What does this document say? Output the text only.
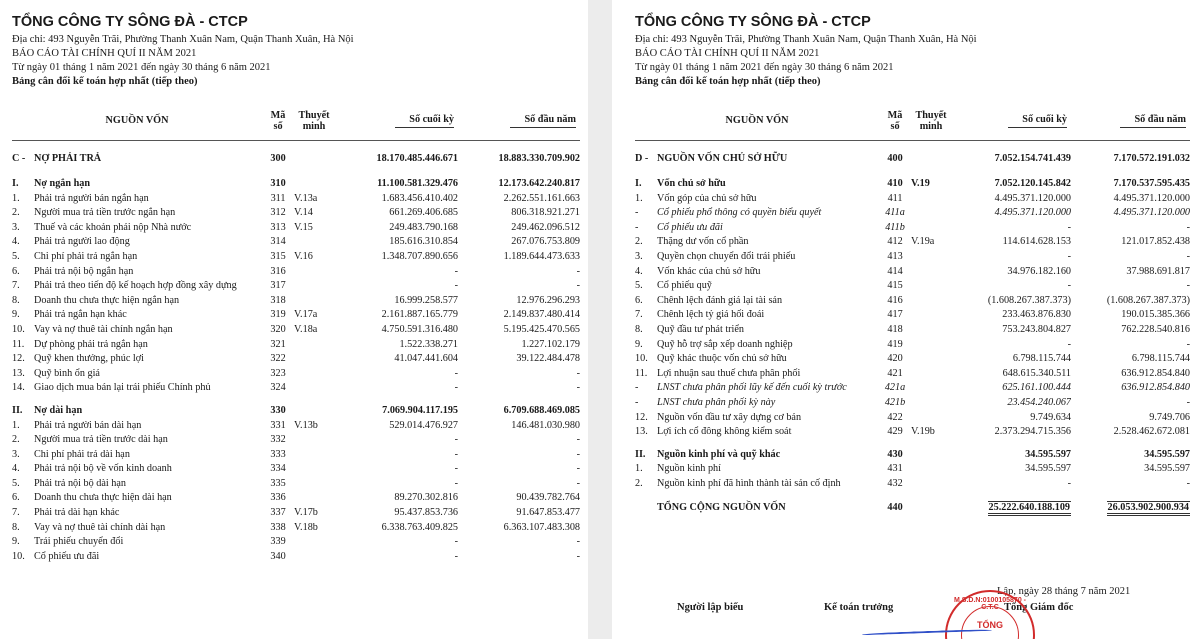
TỔNG CÔNG TY SÔNG ĐÀ - CTCP
Địa chỉ: 493 Nguyễn Trãi, Phường Thanh Xuân Nam, Quận Thanh Xuân, Hà Nội
BÁO CÁO TÀI CHÍNH QUÍ II NĂM 2021
Từ ngày 01 tháng 1 năm 2021 đến ngày 30 tháng 6 năm 2021
Bảng cân đối kế toán hợp nhất (tiếp theo)
NGUỒN VỐN		Mã
số	Thuyết
minh	Số cuối kỳ	Số đầu năm

C -	NỢ PHẢI TRẢ	300		18.170.485.446.671	18.883.330.709.902

I.	Nợ ngắn hạn	310		11.100.581.329.476	12.173.642.240.817
1.	Phải trả người bán ngắn hạn	311	V.13a	1.683.456.410.402	2.262.551.161.663
2.	Người mua trả tiền trước ngắn hạn	312	V.14	661.269.406.685	806.318.921.271
3.	Thuế và các khoản phải nộp Nhà nước	313	V.15	249.483.790.168	249.462.096.512
4.	Phải trả người lao động	314		185.616.310.854	267.076.753.809
5.	Chi phí phải trả ngắn hạn	315	V.16	1.348.707.890.656	1.189.644.473.633
6.	Phải trả nội bộ ngắn hạn	316		-	-
7.	Phải trả theo tiến độ kế hoạch hợp đồng xây dựng	317		-	-
8.	Doanh thu chưa thực hiện ngắn hạn	318		16.999.258.577	12.976.296.293
9.	Phải trả ngắn hạn khác	319	V.17a	2.161.887.165.779	2.149.837.480.414
10.	Vay và nợ thuê tài chính ngắn hạn	320	V.18a	4.750.591.316.480	5.195.425.470.565
11.	Dự phòng phải trả ngắn hạn	321		1.522.338.271	1.227.102.179
12.	Quỹ khen thưởng, phúc lợi	322		41.047.441.604	39.122.484.478
13.	Quỹ bình ổn giá	323		-	-
14.	Giao dịch mua bán lại trái phiếu Chính phủ	324		-	-

II.	Nợ dài hạn	330		7.069.904.117.195	6.709.688.469.085
1.	Phải trả người bán dài hạn	331	V.13b	529.014.476.927	146.481.030.980
2.	Người mua trả tiền trước dài hạn	332		-	-
3.	Chi phí phải trả dài hạn	333		-	-
4.	Phải trả nội bộ về vốn kinh doanh	334		-	-
5.	Phải trả nội bộ dài hạn	335		-	-
6.	Doanh thu chưa thực hiện dài hạn	336		89.270.302.816	90.439.782.764
7.	Phải trả dài hạn khác	337	V.17b	95.437.853.736	91.647.853.477
8.	Vay và nợ thuê tài chính dài hạn	338	V.18b	6.338.763.409.825	6.363.107.483.308
9.	Trái phiếu chuyển đổi	339		-	-
10.	Cổ phiếu ưu đãi	340		-	-
TỔNG CÔNG TY SÔNG ĐÀ - CTCP
Địa chỉ: 493 Nguyễn Trãi, Phường Thanh Xuân Nam, Quận Thanh Xuân, Hà Nội
BÁO CÁO TÀI CHÍNH QUÍ II NĂM 2021
Từ ngày 01 tháng 1 năm 2021 đến ngày 30 tháng 6 năm 2021
Bảng cân đối kế toán hợp nhất (tiếp theo)
NGUỒN VỐN		Mã
số	Thuyết
minh	Số cuối kỳ	Số đầu năm

D -	NGUỒN VỐN CHỦ SỞ HỮU	400		7.052.154.741.439	7.170.572.191.032

I.	Vốn chủ sở hữu	410	V.19	7.052.120.145.842	7.170.537.595.435
1.	Vốn góp của chủ sở hữu	411		4.495.371.120.000	4.495.371.120.000
-	Cổ phiếu phổ thông có quyền biểu quyết	411a		4.495.371.120.000	4.495.371.120.000
-	Cổ phiếu ưu đãi	411b		-	-
2.	Thặng dư vốn cổ phần	412	V.19a	114.614.628.153	121.017.852.438
3.	Quyền chọn chuyển đổi trái phiếu	413		-	-
4.	Vốn khác của chủ sở hữu	414		34.976.182.160	37.988.691.817
5.	Cổ phiếu quỹ	415		-	-
6.	Chênh lệch đánh giá lại tài sản	416		(1.608.267.387.373)	(1.608.267.387.373)
7.	Chênh lệch tỷ giá hối đoái	417		233.463.876.830	190.015.385.366
8.	Quỹ đầu tư phát triển	418		753.243.804.827	762.228.540.816
9.	Quỹ hỗ trợ sắp xếp doanh nghiệp	419		-	-
10.	Quỹ khác thuộc vốn chủ sở hữu	420		6.798.115.744	6.798.115.744
11.	Lợi nhuận sau thuế chưa phân phối	421		648.615.340.511	636.912.854.840
-	LNST chưa phân phối lũy kế đến cuối kỳ trước	421a		625.161.100.444	636.912.854.840
-	LNST chưa phân phối kỳ này	421b		23.454.240.067	-
12.	Nguồn vốn đầu tư xây dựng cơ bản	422		9.749.634	9.749.706
13.	Lợi ích cổ đông không kiểm soát	429	V.19b	2.373.294.715.356	2.528.462.672.081

II.	Nguồn kinh phí và quỹ khác	430		34.595.597	34.595.597
1.	Nguồn kinh phí	431		34.595.597	34.595.597
2.	Nguồn kinh phí đã hình thành tài sản cố định	432		-	-

	TỔNG CỘNG NGUỒN VỐN	440		25.222.640.188.109	26.053.902.900.934
Lập, ngày 28 tháng 7 năm 2021
Người lập biểu	Kế toán trưởng	Tổng Giám đốc
M.S.D.N:0100105870 - C.T.C
TỔNG
